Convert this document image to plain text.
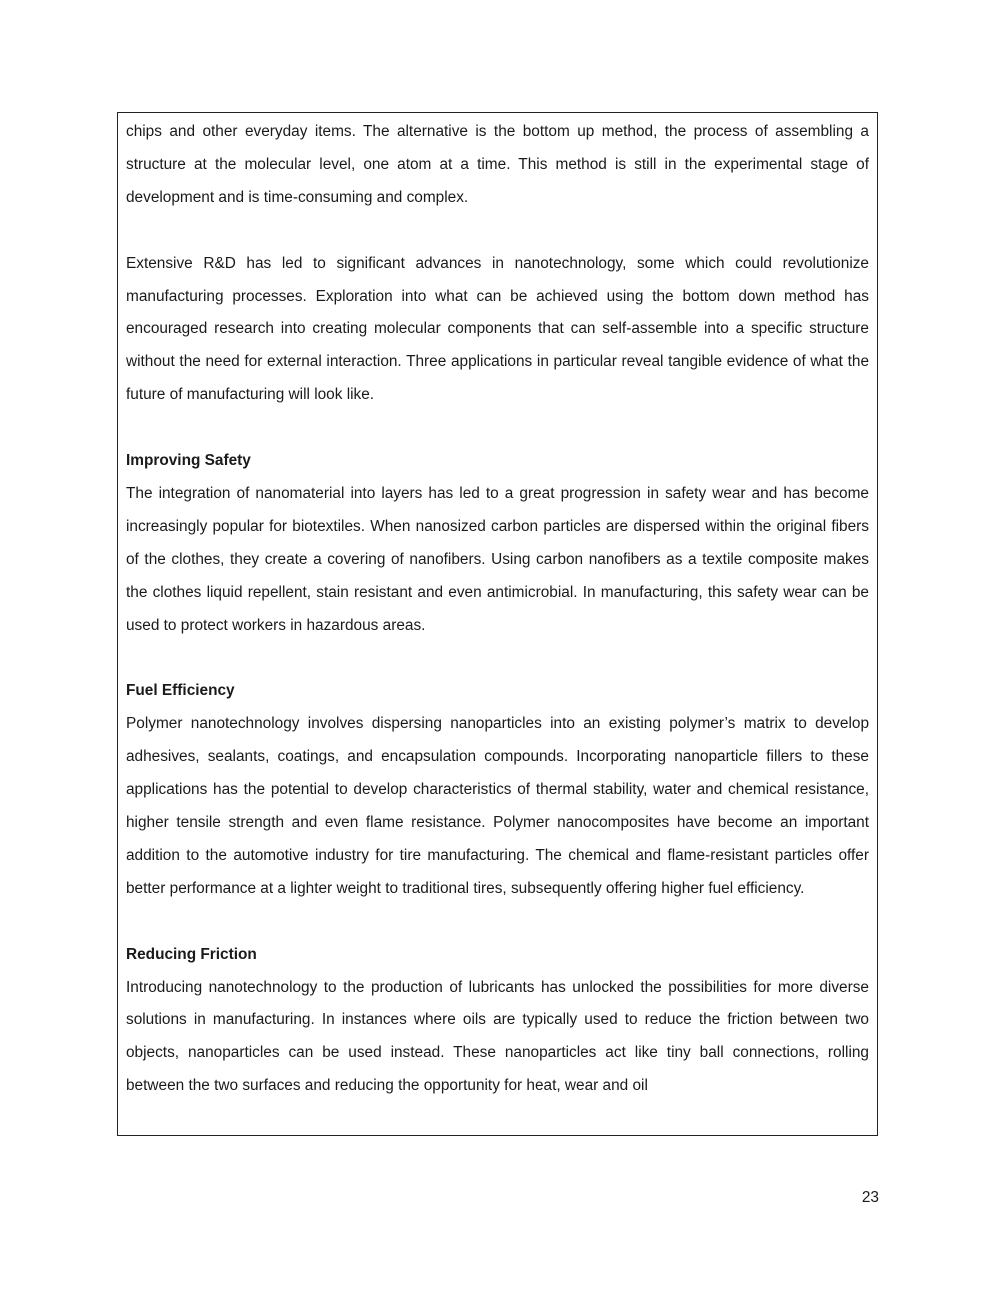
chips and other everyday items. The alternative is the bottom up method, the process of assembling a structure at the molecular level, one atom at a time. This method is still in the experimental stage of development and is time-consuming and complex.

Extensive R&D has led to significant advances in nanotechnology, some which could revolutionize manufacturing processes. Exploration into what can be achieved using the bottom down method has encouraged research into creating molecular components that can self-assemble into a specific structure without the need for external interaction. Three applications in particular reveal tangible evidence of what the future of manufacturing will look like.

Improving Safety

The integration of nanomaterial into layers has led to a great progression in safety wear and has become increasingly popular for biotextiles. When nanosized carbon particles are dispersed within the original fibers of the clothes, they create a covering of nanofibers. Using carbon nanofibers as a textile composite makes the clothes liquid repellent, stain resistant and even antimicrobial. In manufacturing, this safety wear can be used to protect workers in hazardous areas.

Fuel Efficiency

Polymer nanotechnology involves dispersing nanoparticles into an existing polymer’s matrix to develop adhesives, sealants, coatings, and encapsulation compounds. Incorporating nanoparticle fillers to these applications has the potential to develop characteristics of thermal stability, water and chemical resistance, higher tensile strength and even flame resistance. Polymer nanocomposites have become an important addition to the automotive industry for tire manufacturing. The chemical and flame-resistant particles offer better performance at a lighter weight to traditional tires, subsequently offering higher fuel efficiency.

Reducing Friction

Introducing nanotechnology to the production of lubricants has unlocked the possibilities for more diverse solutions in manufacturing. In instances where oils are typically used to reduce the friction between two objects, nanoparticles can be used instead. These nanoparticles act like tiny ball connections, rolling between the two surfaces and reducing the opportunity for heat, wear and oil

23
